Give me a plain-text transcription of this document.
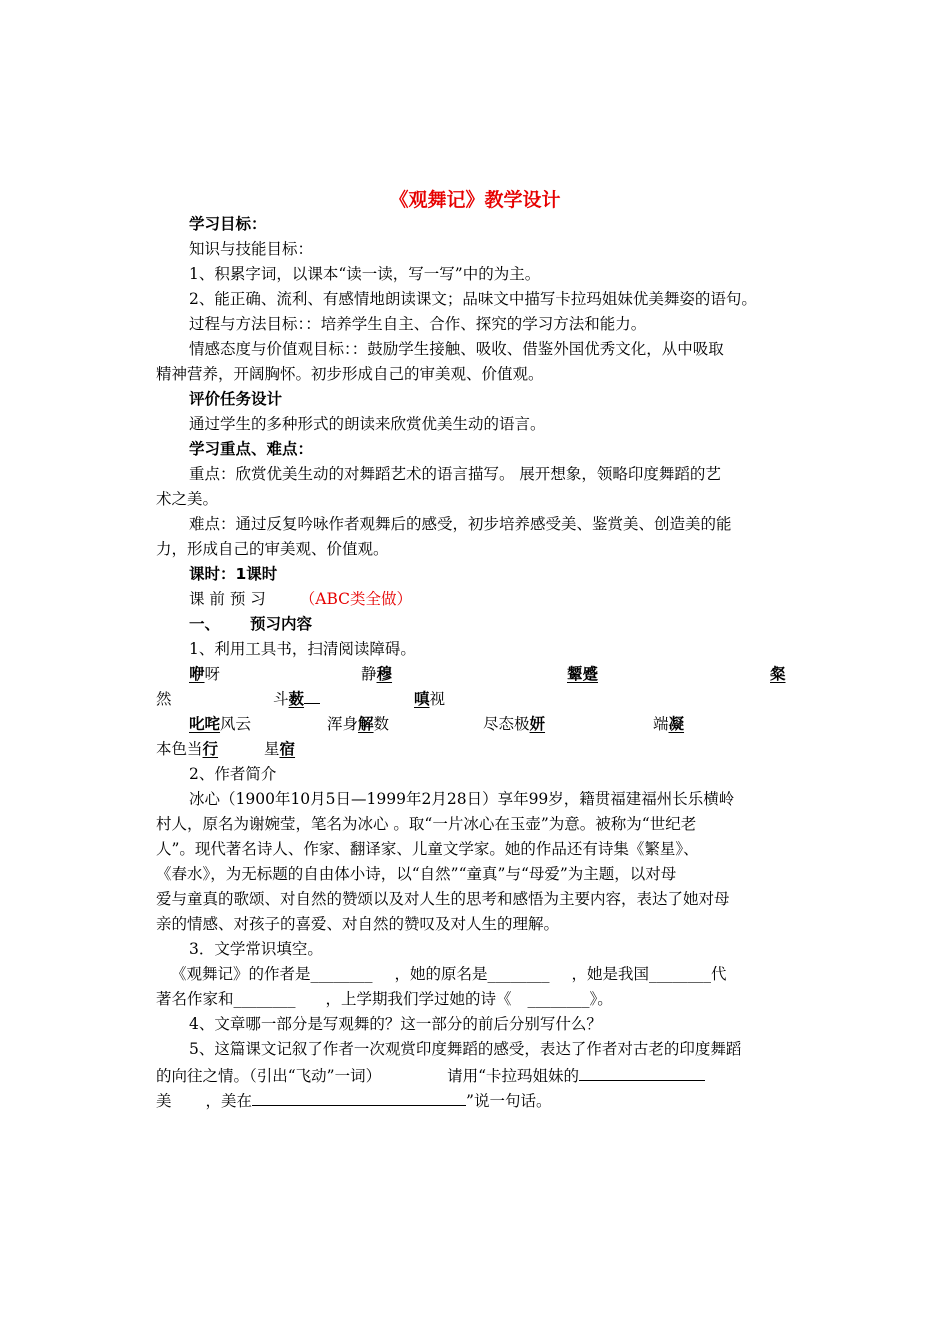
《观舞记》教学设计
学习目标：
知识与技能目标：
1、积累字词，以课本“读一读，写一写”中的为主。
2、能正确、流利、有感情地朗读课文；品味文中描写卡拉玛姐妹优美舞姿的语句。
过程与方法目标：：培养学生自主、合作、探究的学习方法和能力。
情感态度与价值观目标：：鼓励学生接触、吸收、借鉴外国优秀文化，从中吸取
精神营养，开阔胸怀。初步形成自己的审美观、价值观。
评价任务设计
通过学生的多种形式的朗读来欣赏优美生动的语言。
学习重点、难点：
重点：欣赏优美生动的对舞蹈艺术的语言描写。 展开想象，领略印度舞蹈的艺
术之美。
难点：通过反复吟咏作者观舞后的感受，初步培养感受美、鉴赏美、创造美的能
力，形成自己的审美观、价值观。
课时：1课时
课 前 预 习 （ABC类全做）
一、 预习内容
1、利用工具书，扫清阅读障碍。
咿呀	静穆	颦蹙	粲
然	斗薮	嗔视
叱咤风云	浑身解数	尽态极妍	端凝
本色当行	星宿
2、作者简介
冰心（1900年10月5日—1999年2月28日）享年99岁，籍贯福建福州长乐横岭
村人，原名为谢婉莹，笔名为冰心 。取“一片冰心在玉壶”为意。被称为“世纪老
人”。现代著名诗人、作家、翻译家、儿童文学家。她的作品还有诗集《繁星》、
《春水》，为无标题的自由体小诗，以“自然”“童真”与“母爱”为主题，以对母
爱与童真的歌颂、对自然的赞颂以及对人生的思考和感悟为主要内容，表达了她对母
亲的情感、对孩子的喜爱、对自然的赞叹及对人生的理解。
3．文学常识填空。
《观舞记》的作者是________ ，她的原名是________ ，她是我国________代
著名作家和________ ，上学期我们学过她的诗《 ________》。
4、文章哪一部分是写观舞的？这一部分的前后分别写什么？
5、这篇课文记叙了作者一次观赏印度舞蹈的感受，表达了作者对古老的印度舞蹈
的向往之情。（引出“飞动”一词）	请用“卡拉玛姐妹的
美 ，美在	”说一句话。
